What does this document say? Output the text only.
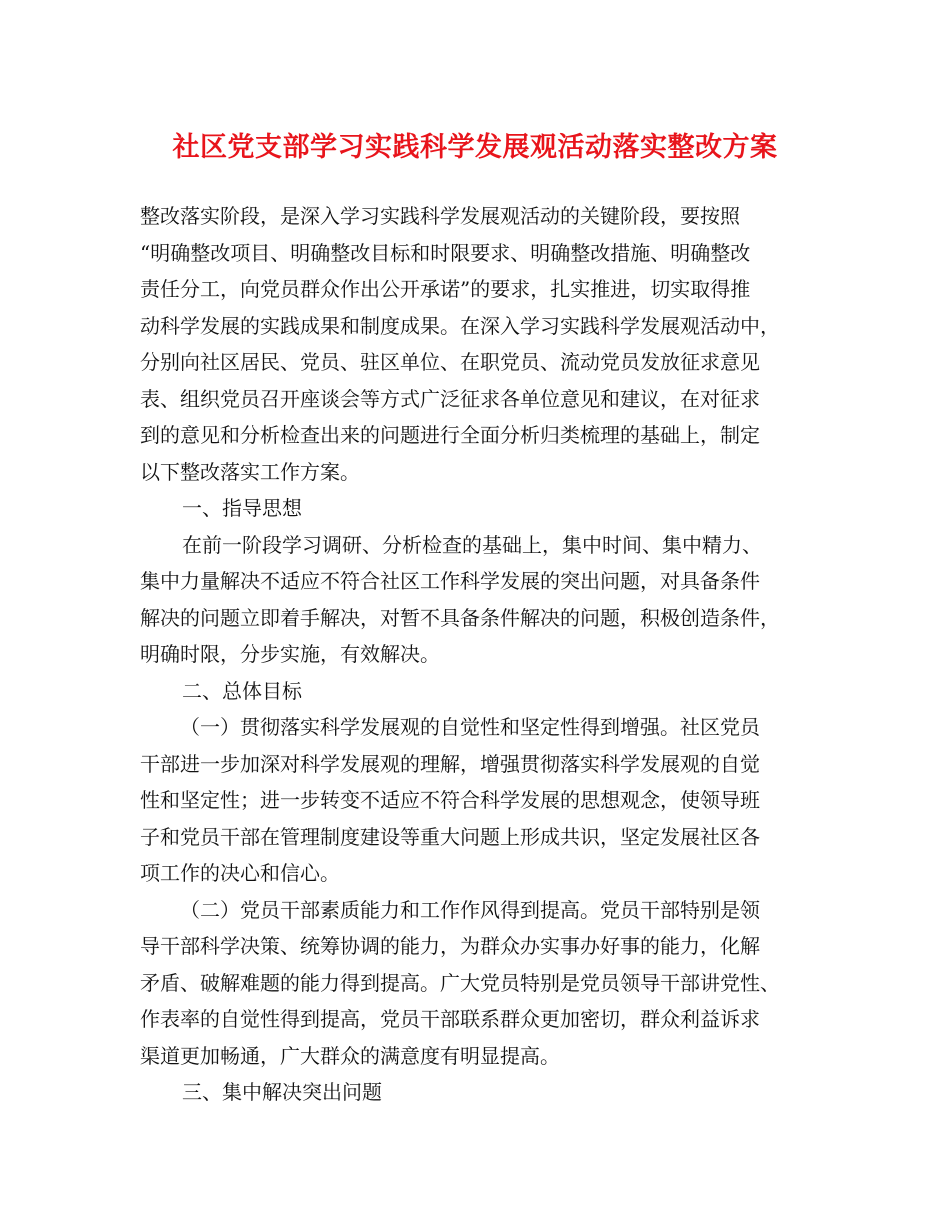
社区党支部学习实践科学发展观活动落实整改方案
整改落实阶段，是深入学习实践科学发展观活动的关键阶段，要按照
“明确整改项目、明确整改目标和时限要求、明确整改措施、明确整改
责任分工，向党员群众作出公开承诺”的要求，扎实推进，切实取得推
动科学发展的实践成果和制度成果。在深入学习实践科学发展观活动中，
分别向社区居民、党员、驻区单位、在职党员、流动党员发放征求意见
表、组织党员召开座谈会等方式广泛征求各单位意见和建议，在对征求
到的意见和分析检查出来的问题进行全面分析归类梳理的基础上，制定
以下整改落实工作方案。
一、指导思想
在前一阶段学习调研、分析检查的基础上，集中时间、集中精力、
集中力量解决不适应不符合社区工作科学发展的突出问题，对具备条件
解决的问题立即着手解决，对暂不具备条件解决的问题，积极创造条件，
明确时限，分步实施，有效解决。
二、总体目标
（一）贯彻落实科学发展观的自觉性和坚定性得到增强。社区党员
干部进一步加深对科学发展观的理解，增强贯彻落实科学发展观的自觉
性和坚定性；进一步转变不适应不符合科学发展的思想观念，使领导班
子和党员干部在管理制度建设等重大问题上形成共识，坚定发展社区各
项工作的决心和信心。
（二）党员干部素质能力和工作作风得到提高。党员干部特别是领
导干部科学决策、统筹协调的能力，为群众办实事办好事的能力，化解
矛盾、破解难题的能力得到提高。广大党员特别是党员领导干部讲党性、
作表率的自觉性得到提高，党员干部联系群众更加密切，群众利益诉求
渠道更加畅通，广大群众的满意度有明显提高。
三、集中解决突出问题
